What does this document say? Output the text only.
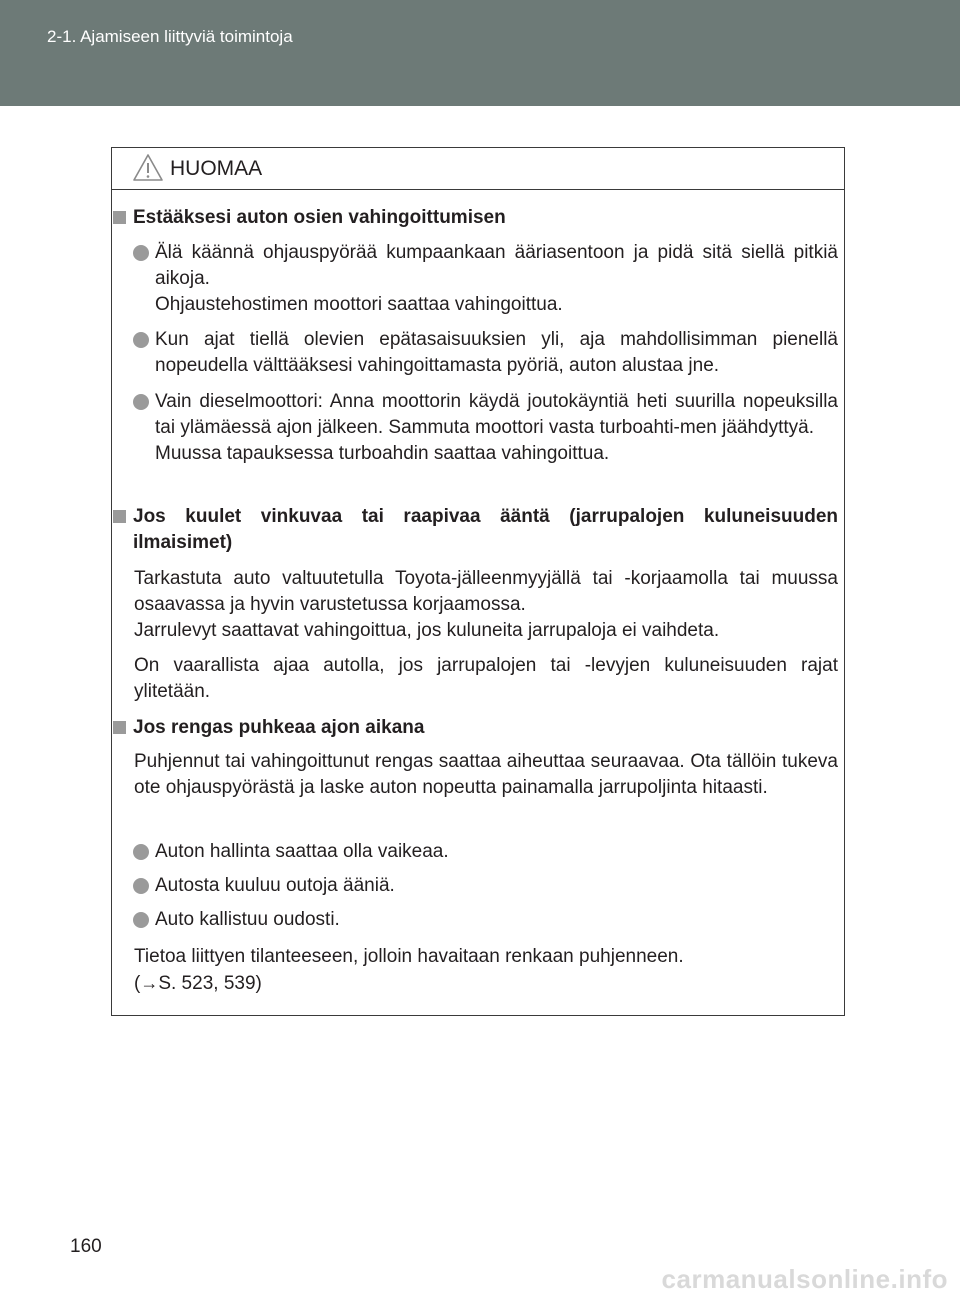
2-1. Ajamiseen liittyviä toimintoja
HUOMAA
Estääksesi auton osien vahingoittumisen
Älä käännä ohjauspyörää kumpaankaan ääriasentoon ja pidä sitä siellä pitkiä aikoja.
Ohjaustehostimen moottori saattaa vahingoittua.
Kun ajat tiellä olevien epätasaisuuksien yli, aja mahdollisimman pienellä nopeudella välttääksesi vahingoittamasta pyöriä, auton alustaa jne.
Vain dieselmoottori: Anna moottorin käydä joutokäyntiä heti suurilla nopeuksilla tai ylämäessä ajon jälkeen. Sammuta moottori vasta turboahti-men jäähdyttyä.
Muussa tapauksessa turboahdin saattaa vahingoittua.
Jos kuulet vinkuvaa tai raapivaa ääntä (jarrupalojen kuluneisuuden ilmaisimet)
Tarkastuta auto valtuutetulla Toyota-jälleenmyyjällä tai -korjaamolla tai muussa osaavassa ja hyvin varustetussa korjaamossa.
Jarrulevyt saattavat vahingoittua, jos kuluneita jarrupaloja ei vaihdeta.
On vaarallista ajaa autolla, jos jarrupalojen tai -levyjen kuluneisuuden rajat ylitetään.
Jos rengas puhkeaa ajon aikana
Puhjennut tai vahingoittunut rengas saattaa aiheuttaa seuraavaa. Ota tällöin tukeva ote ohjauspyörästä ja laske auton nopeutta painamalla jarrupoljinta hitaasti.
Auton hallinta saattaa olla vaikeaa.
Autosta kuuluu outoja ääniä.
Auto kallistuu oudosti.
Tietoa liittyen tilanteeseen, jolloin havaitaan renkaan puhjenneen.
(→S. 523, 539)
160
carmanualsonline.info
